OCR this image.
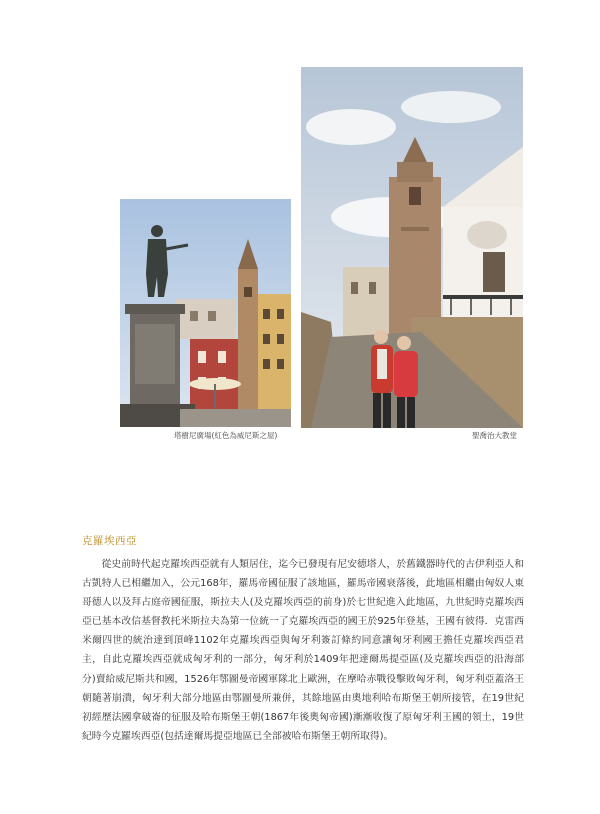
塔樹尼廣場(紅色為威尼斯之屋)	聖喬治大教堂
克羅埃西亞

從史前時代起克羅埃西亞就有人類居住，迄今已發現有尼安德塔人，於舊鐵器時代的古伊利亞人和古凱特人已相繼加入，公元168年，羅馬帝國征服了該地區，羅馬帝國衰落後，此地區相繼由匈奴人東哥德人以及拜占庭帝國征服，斯拉夫人(及克羅埃西亞的前身)於七世紀進入此地區，九世紀時克羅埃西亞已基本改信基督教托米斯拉夫為第一位統一了克羅埃西亞的國王於925年登基，王國有彼得．克雷西米爾四世的統治達到頂峰1102年克羅埃西亞與匈牙利簽訂條約同意讓匈牙利國王擔任克羅埃西亞君主，自此克羅埃西亞就成匈牙利的一部分，匈牙利於1409年把達爾馬提亞區(及克羅埃西亞的沿海部分)賣給威尼斯共和國，1526年鄂圖曼帝國軍隊北上歐洲，在摩哈赤戰役擊敗匈牙利，匈牙利亞蓋洛王朝隨著崩潰，匈牙利大部分地區由鄂圖曼所兼併，其餘地區由奧地利哈布斯堡王朝所接管，在19世紀初經歷法國拿破崙的征服及哈布斯堡王朝(1867年後奧匈帝國)漸漸收復了原匈牙利王國的領土，19世紀時今克羅埃西亞(包括達爾馬提亞地區已全部被哈布斯堡王朝所取得)。
